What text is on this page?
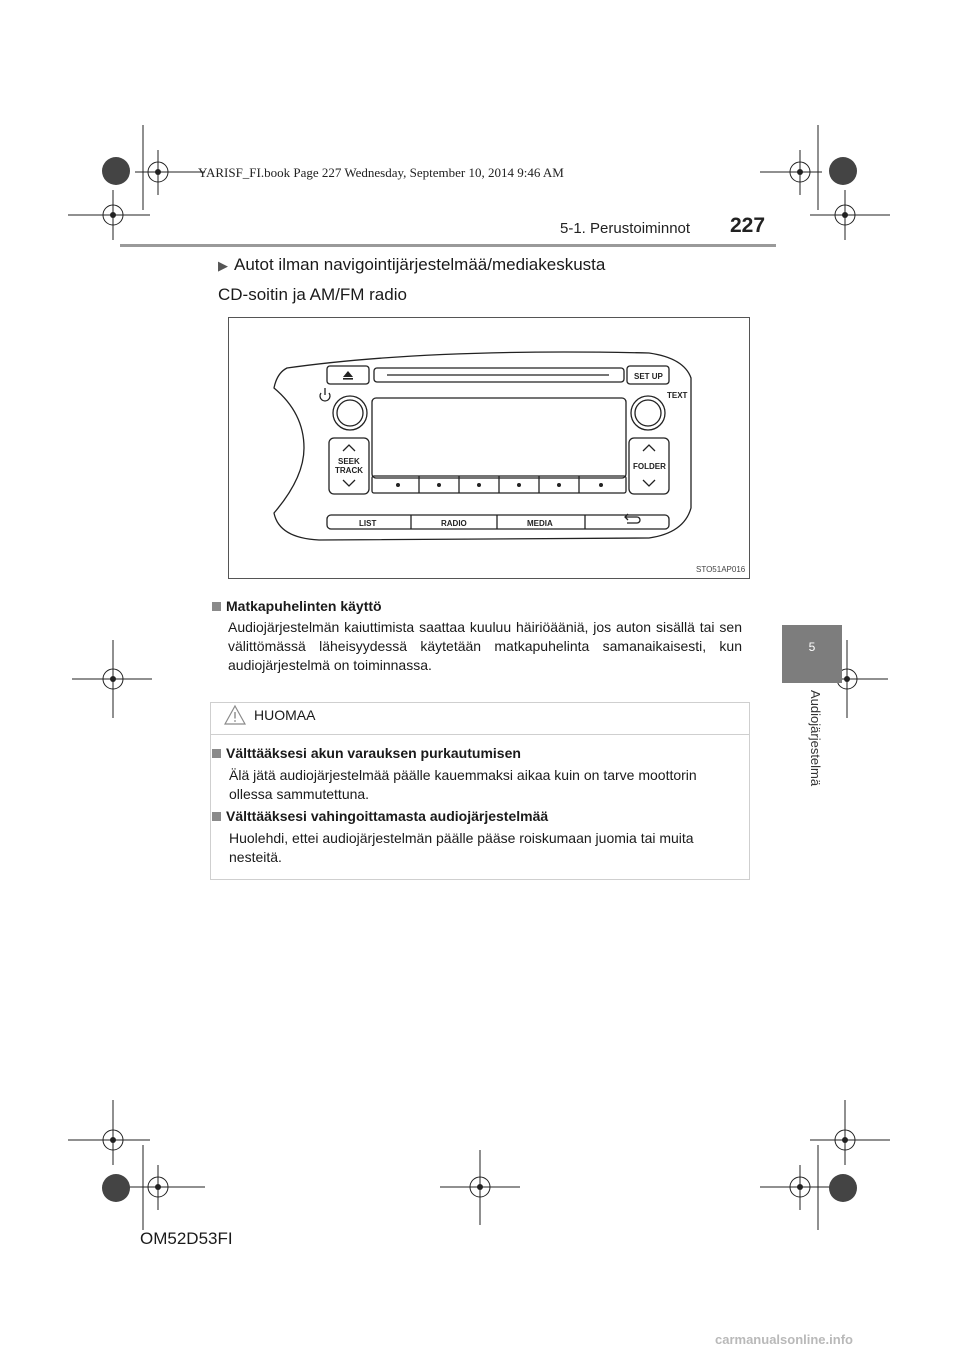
YARISF_FI.book Page 227 Wednesday, September 10, 2014 9:46 AM
5-1. Perustoiminnot 227
5
Audiojärjestelmä
▶ Autot ilman navigointijärjestelmää/mediakeskusta
CD-soitin ja AM/FM radio
SET UP
TEXT
SEEK
TRACK	FOLDER
LIST	RADIO	MEDIA
STO51AP016
Matkapuhelinten käyttö
Audiojärjestelmän kaiuttimista saattaa kuuluu häiriöääniä, jos auton sisällä tai sen välittömässä läheisyydessä käytetään matkapuhelinta samanaikaisesti, kun audiojärjestelmä on toiminnassa.
HUOMAA
Välttääksesi akun varauksen purkautumisen
Älä jätä audiojärjestelmää päälle kauemmaksi aikaa kuin on tarve moottorin ollessa sammutettuna.
Välttääksesi vahingoittamasta audiojärjestelmää
Huolehdi, ettei audiojärjestelmän päälle pääse roiskumaan juomia tai muita nesteitä.
OM52D53FI
carmanualsonline.info
